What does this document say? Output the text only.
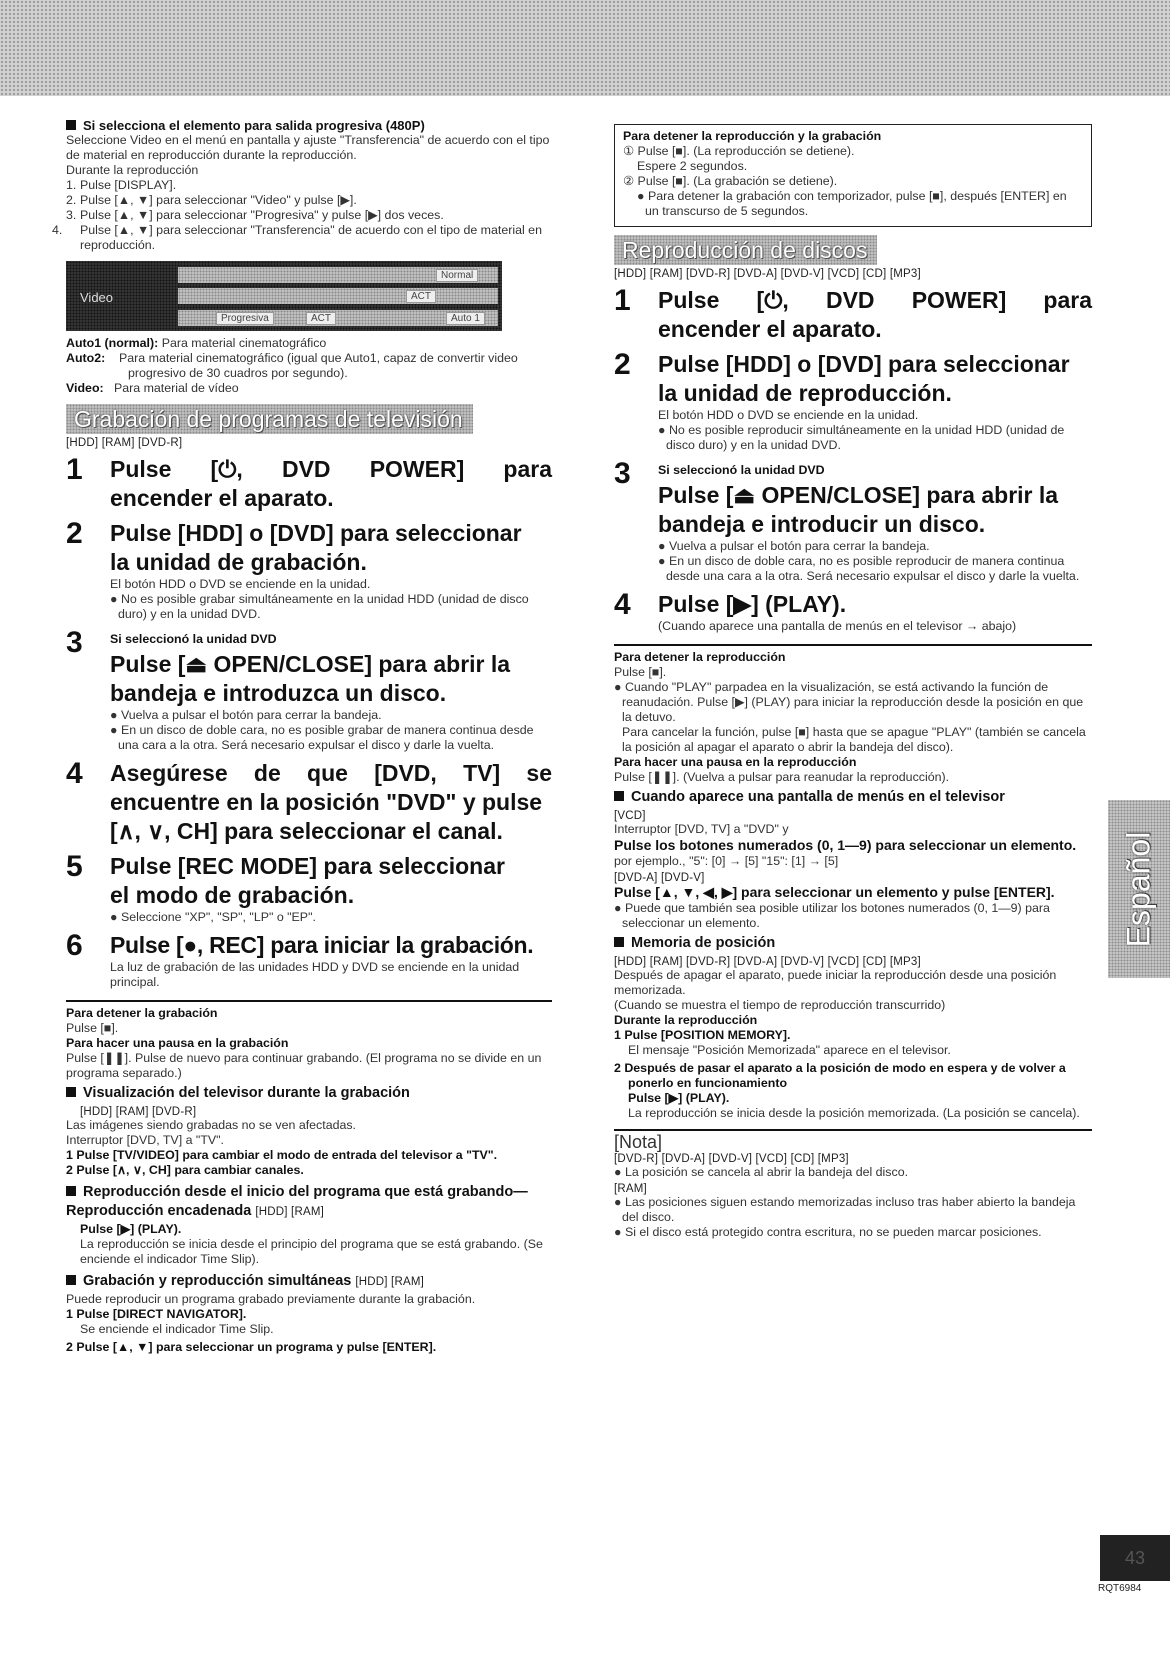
Si selecciona el elemento para salida progresiva (480P)

Seleccione Video en el menú en pantalla y ajuste "Transferencia" de acuerdo con el tipo de material en reproducción durante la reproducción.

Durante la reproducción

1. Pulse [DISPLAY].

2. Pulse [▲, ▼] para seleccionar "Video" y pulse [▶].

3. Pulse [▲, ▼] para seleccionar "Progresiva" y pulse [▶] dos veces.

4. Pulse [▲, ▼] para seleccionar "Transferencia" de acuerdo con el tipo de material en reproducción.

Video
Normal
ACT
Progresiva	ACT	Auto 1

Auto1 (normal): Para material cinematográfico

Auto2: Para material cinematográfico (igual que Auto1, capaz de convertir video progresivo de 30 cuadros por segundo).

Video: Para material de vídeo

Grabación de programas de televisión

[HDD] [RAM] [DVD-R]

1	Pulse [⏻, DVD POWER] para

encender el aparato.

2	Pulse [HDD] o [DVD] para seleccionar

la unidad de grabación.

El botón HDD o DVD se enciende en la unidad.

● No es posible grabar simultáneamente en la unidad HDD (unidad de disco duro) y en la unidad DVD.

3	Si seleccionó la unidad DVD

Pulse [⏏ OPEN/CLOSE] para abrir la bandeja e introduzca un disco.

● Vuelva a pulsar el botón para cerrar la bandeja.

● En un disco de doble cara, no es posible grabar de manera continua desde una cara a la otra. Será necesario expulsar el disco y darle la vuelta.

4	Asegúrese de que [DVD, TV] se

encuentre en la posición "DVD" y pulse

[∧, ∨, CH] para seleccionar el canal.

5	Pulse [REC MODE] para seleccionar

el modo de grabación.

● Seleccione "XP", "SP", "LP" o "EP".

6	Pulse [●, REC] para iniciar la grabación.

La luz de grabación de las unidades HDD y DVD se enciende en la unidad principal.

Para detener la grabación

Pulse [■].

Para hacer una pausa en la grabación

Pulse [❚❚]. Pulse de nuevo para continuar grabando. (El programa no se divide en un programa separado.)

Visualización del televisor durante la grabación

[HDD] [RAM] [DVD-R]

Las imágenes siendo grabadas no se ven afectadas.

Interruptor [DVD, TV] a "TV".

1 Pulse [TV/VIDEO] para cambiar el modo de entrada del televisor a "TV".

2 Pulse [∧, ∨, CH] para cambiar canales.

Reproducción desde el inicio del programa que está grabando—Reproducción encadenada [HDD] [RAM]

Pulse [▶] (PLAY).

La reproducción se inicia desde el principio del programa que se está grabando. (Se enciende el indicador Time Slip).

Grabación y reproducción simultáneas [HDD] [RAM]

Puede reproducir un programa grabado previamente durante la grabación.

1 Pulse [DIRECT NAVIGATOR].

Se enciende el indicador Time Slip.

2 Pulse [▲, ▼] para seleccionar un programa y pulse [ENTER].

Para detener la reproducción y la grabación

① Pulse [■]. (La reproducción se detiene).

Espere 2 segundos.

② Pulse [■]. (La grabación se detiene).

● Para detener la grabación con temporizador, pulse [■], después [ENTER] en un transcurso de 5 segundos.

Reproducción de discos

[HDD] [RAM] [DVD-R] [DVD-A] [DVD-V] [VCD] [CD] [MP3]

1	Pulse [⏻, DVD POWER] para

encender el aparato.

2	Pulse [HDD] o [DVD] para seleccionar

la unidad de reproducción.

El botón HDD o DVD se enciende en la unidad.

● No es posible reproducir simultáneamente en la unidad HDD (unidad de disco duro) y en la unidad DVD.

3	Si seleccionó la unidad DVD

Pulse [⏏ OPEN/CLOSE] para abrir la bandeja e introducir un disco.

● Vuelva a pulsar el botón para cerrar la bandeja.

● En un disco de doble cara, no es posible reproducir de manera continua desde una cara a la otra. Será necesario expulsar el disco y darle la vuelta.

4	Pulse [▶] (PLAY).

(Cuando aparece una pantalla de menús en el televisor → abajo)

Para detener la reproducción

Pulse [■].

● Cuando "PLAY" parpadea en la visualización, se está activando la función de reanudación. Pulse [▶] (PLAY) para iniciar la reproducción desde la posición en que la detuvo.

Para cancelar la función, pulse [■] hasta que se apague "PLAY" (también se cancela la posición al apagar el aparato o abrir la bandeja del disco).

Para hacer una pausa en la reproducción

Pulse [❚❚]. (Vuelva a pulsar para reanudar la reproducción).

Cuando aparece una pantalla de menús en el televisor

[VCD]

Interruptor [DVD, TV] a "DVD" y

Pulse los botones numerados (0, 1—9) para seleccionar un elemento.

por ejemplo., "5": [0] → [5] "15": [1] → [5]

[DVD-A] [DVD-V]

Pulse [▲, ▼, ◀, ▶] para seleccionar un elemento y pulse [ENTER].

● Puede que también sea posible utilizar los botones numerados (0, 1—9) para seleccionar un elemento.

Memoria de posición

[HDD] [RAM] [DVD-R] [DVD-A] [DVD-V] [VCD] [CD] [MP3]

Después de apagar el aparato, puede iniciar la reproducción desde una posición memorizada.

(Cuando se muestra el tiempo de reproducción transcurrido)

Durante la reproducción

1 Pulse [POSITION MEMORY].

El mensaje "Posición Memorizada" aparece en el televisor.

2 Después de pasar el aparato a la posición de modo en espera y de volver a ponerlo en funcionamiento

Pulse [▶] (PLAY).

La reproducción se inicia desde la posición memorizada. (La posición se cancela).

[Nota]

[DVD-R] [DVD-A] [DVD-V] [VCD] [CD] [MP3]

● La posición se cancela al abrir la bandeja del disco.

[RAM]

● Las posiciones siguen estando memorizadas incluso tras haber abierto la bandeja del disco.

● Si el disco está protegido contra escritura, no se pueden marcar posiciones.

Español
43
RQT6984
